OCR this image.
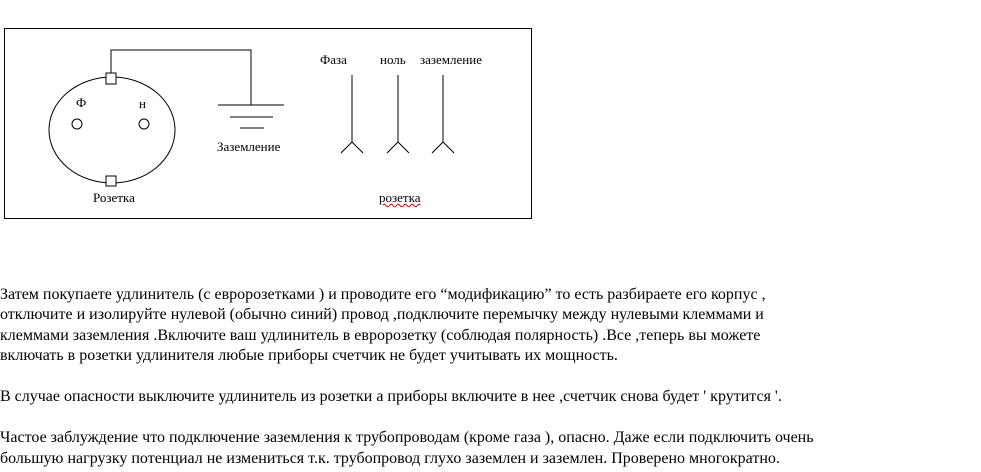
Ф	н
Розетка
Заземление
Фаза	ноль заземление
розетка
Затем покупаете удлинитель (с евророзетками ) и проводите его “модификацию” то есть разбираете его корпус ,
отключите и изолируйте нулевой (обычно синий) провод ,подключите перемычку между нулевыми клеммами и
клеммами заземления .Включите ваш удлинитель в евророзетку (соблюдая полярность) .Все ,теперь вы можете
включать в розетки удлинителя любые приборы счетчик не будет учитывать их мощность.
В случае опасности выключите удлинитель из розетки а приборы включите в нее ,счетчик снова будет ' крутится '.
Частое заблуждение что подключение заземления к трубопроводам (кроме газа ), опасно. Даже если подключить очень
большую нагрузку потенциал не измениться т.к. трубопровод глухо заземлен и заземлен. Проверено многократно.
